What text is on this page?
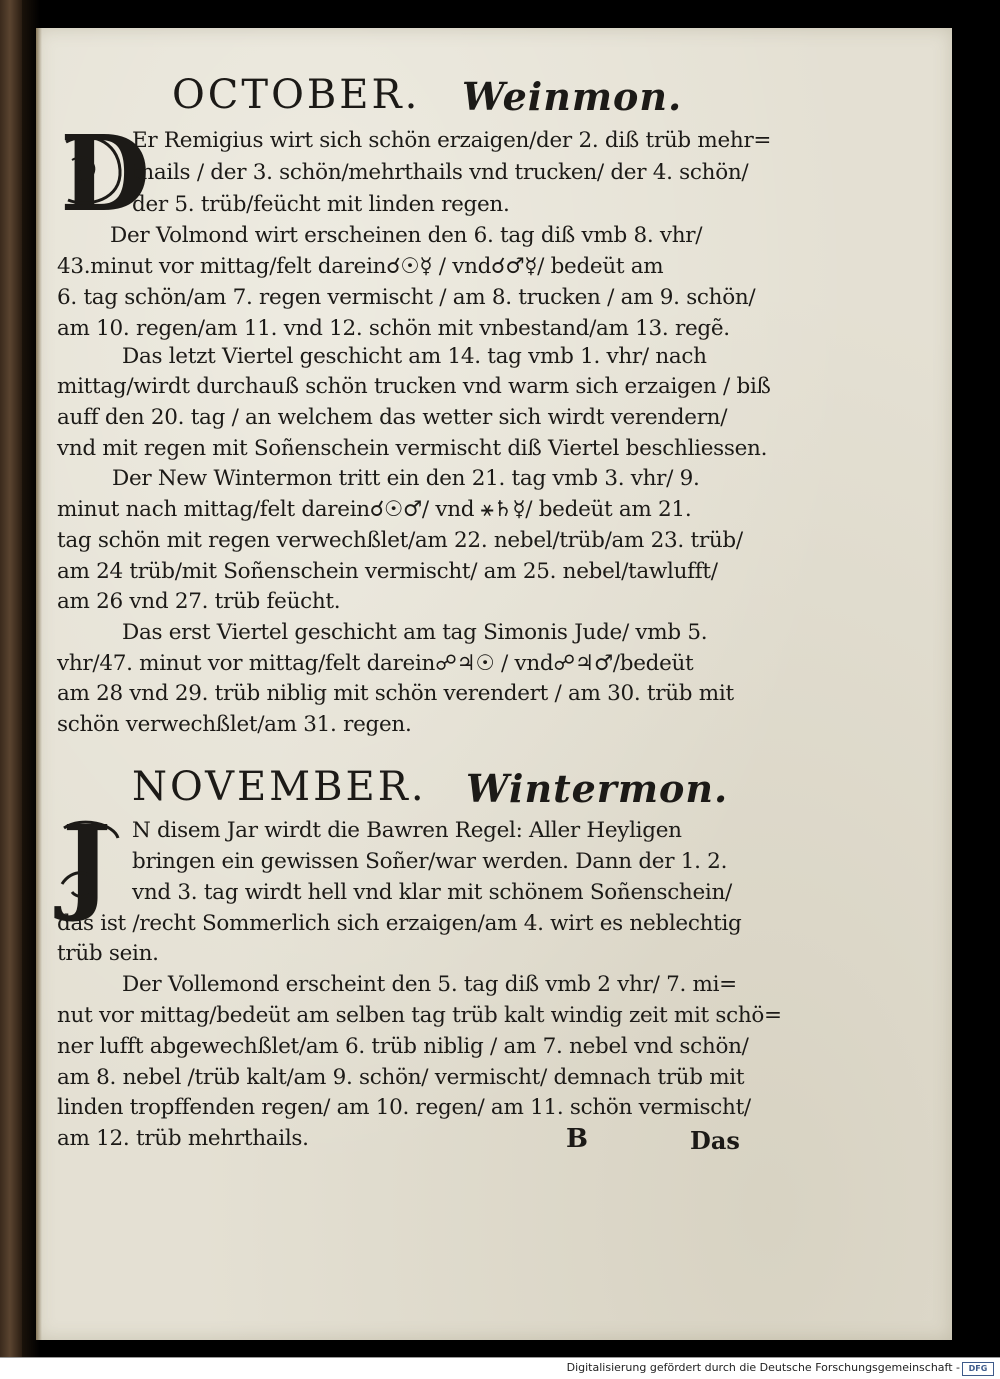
OCTOBER. Weinmon.
D
Er Remigius wirt sich schön erzaigen/der 2. diß trüb mehr=
thails / der 3. schön/mehrthails vnd trucken/ der 4. schön/
der 5. trüb/feücht mit linden regen.
Der Volmond wirt erscheinen den 6. tag diß vmb 8. vhr/
43.minut vor mittag/felt darein☌☉☿ / vnd☌♂☿/ bedeüt am
6. tag schön/am 7. regen vermischt / am 8. trucken / am 9. schön/
am 10. regen/am 11. vnd 12. schön mit vnbestand/am 13. regẽ.
Das letzt Viertel geschicht am 14. tag vmb 1. vhr/ nach
mittag/wirdt durchauß schön trucken vnd warm sich erzaigen / biß
auff den 20. tag / an welchem das wetter sich wirdt verendern/
vnd mit regen mit Soñenschein vermischt diß Viertel beschliessen.
Der New Wintermon tritt ein den 21. tag vmb 3. vhr/ 9.
minut nach mittag/felt darein☌☉♂/ vnd ⚹♄☿/ bedeüt am 21.
tag schön mit regen verwechßlet/am 22. nebel/trüb/am 23. trüb/
am 24 trüb/mit Soñenschein vermischt/ am 25. nebel/tawlufft/
am 26 vnd 27. trüb feücht.
Das erst Viertel geschicht am tag Simonis Jude/ vmb 5.
vhr/47. minut vor mittag/felt darein☍♃☉ / vnd☍♃♂/bedeüt
am 28 vnd 29. trüb niblig mit schön verendert / am 30. trüb mit
schön verwechßlet/am 31. regen.
NOVEMBER. Wintermon.
J N disem Jar wirdt die Bawren Regel: Aller Heyligen
bringen ein gewissen Soñer/war werden. Dann der 1. 2.
vnd 3. tag wirdt hell vnd klar mit schönem Soñenschein/
das ist /recht Sommerlich sich erzaigen/am 4. wirt es neblechtig
trüb sein.
Der Vollemond erscheint den 5. tag diß vmb 2 vhr/ 7. mi=
nut vor mittag/bedeüt am selben tag trüb kalt windig zeit mit schö=
ner lufft abgewechßlet/am 6. trüb niblig / am 7. nebel vnd schön/
am 8. nebel /trüb kalt/am 9. schön/ vermischt/ demnach trüb mit
linden tropffenden regen/ am 10. regen/ am 11. schön vermischt/
am 12. trüb mehrthails.	B	Das
Digitalisierung gefördert durch die Deutsche Forschungsgemeinschaft -	DFG
